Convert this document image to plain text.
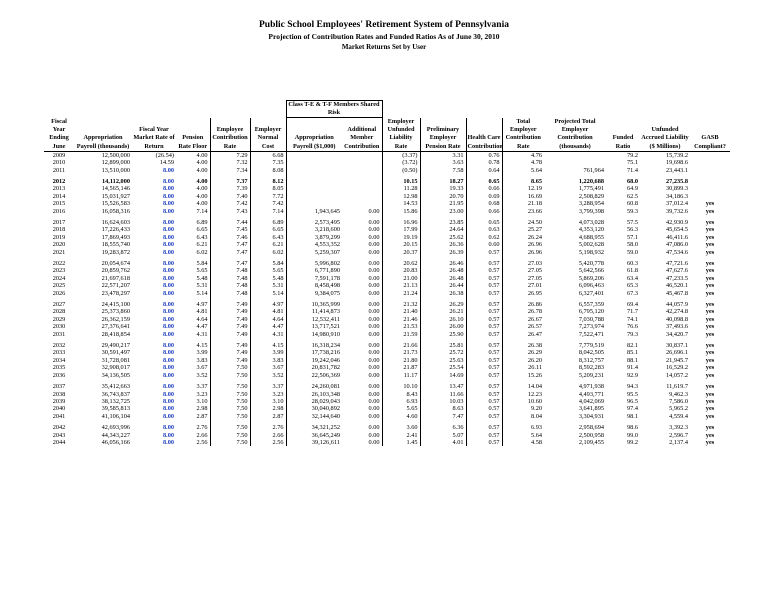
Public School Employees' Retirement System of Pennsylvania
Projection of Contribution Rates and Funded Ratios As of June 30, 2010
Market Returns Set by User
						Class T-E & T-F Members Shared Risk									
Fiscal Year Ending June	Appropriation Payroll (thousands)	Fiscal Year Market Rate of Return	Pension Rate Floor	Employee Contribution Rate	Employer Normal Cost	Appropriation Payroll ($1,000)	Additional Member Contribution	Employer Unfunded Liability Rate	Preliminary Employer Pension Rate	Health Care Contribution	Total Employer Contribution Rate	Projected Total Employer Contribution (thousands)	Funded Ratio	Unfunded Accrued Liability ($ Millions)	GASB Compliant?
2009	12,500,000	(26.54)	4.00	7.29	6.68			(3.37)	3.31	0.76	4.76		79.2	15,739.2	
2010	12,899,000	14.59	4.00	7.32	7.35			(3.72)	3.63	0.78	4.78		75.1	19,698.6	
2011	13,510,000	8.00	4.00	7.34	8.08			(0.50)	7.58	0.64	5.64	761,964	71.4	23,443.1	

2012	14,112,000	8.00	4.00	7.37	8.12			10.15	18.27	0.65	8.65	1,220,688	68.0	27,235.8	
2013	14,565,146	8.00	4.00	7.39	8.05			11.28	19.33	0.66	12.19	1,775,491	64.9	30,899.3	
2014	15,031,927	8.00	4.00	7.40	7.72			12.98	20.70	0.69	16.69	2,508,829	62.5	34,186.3	
2015	15,526,583	8.00	4.00	7.42	7.42			14.53	21.95	0.68	21.18	3,288,954	60.8	37,012.4	yes
2016	16,058,316	8.00	7.14	7.43	7.14	1,943,645	0.00	15.86	23.00	0.66	23.66	3,799,398	59.3	39,732.6	yes

2017	16,624,603	8.00	6.89	7.44	6.89	2,573,495	0.00	16.96	23.85	0.65	24.50	4,073,028	57.5	42,930.9	yes
2018	17,226,433	8.00	6.65	7.45	6.65	3,218,600	0.00	17.99	24.64	0.63	25.27	4,353,120	56.3	45,654.5	yes
2019	17,869,493	8.00	6.43	7.46	6.43	3,879,299	0.00	19.19	25.62	0.62	26.24	4,688,955	57.1	46,411.6	yes
2020	18,555,740	8.00	6.21	7.47	6.21	4,553,352	0.00	20.15	26.36	0.60	26.96	5,002,628	58.0	47,086.0	yes
2021	19,283,872	8.00	6.02	7.47	6.02	5,259,307	0.00	20.37	26.39	0.57	26.96	5,198,932	59.0	47,534.6	yes

2022	20,054,674	8.00	5.84	7.47	5.84	5,996,802	0.00	20.62	26.46	0.57	27.03	5,420,778	60.3	47,721.6	yes
2023	20,859,762	8.00	5.65	7.48	5.65	6,771,890	0.00	20.83	26.48	0.57	27.05	5,642,566	61.8	47,627.6	yes
2024	21,697,618	8.00	5.48	7.48	5.48	7,591,178	0.00	21.00	26.48	0.57	27.05	5,869,206	63.4	47,233.5	yes
2025	22,571,207	8.00	5.31	7.48	5.31	8,458,498	0.00	21.13	26.44	0.57	27.01	6,096,463	65.3	46,520.1	yes
2026	23,478,297	8.00	5.14	7.48	5.14	9,384,075	0.00	21.24	26.38	0.57	26.95	6,327,401	67.3	45,467.8	yes

2027	24,415,100	8.00	4.97	7.49	4.97	10,365,999	0.00	21.32	26.29	0.57	26.86	6,557,359	69.4	44,057.9	yes
2028	25,373,860	8.00	4.81	7.49	4.81	11,414,873	0.00	21.40	26.21	0.57	26.78	6,795,120	71.7	42,274.8	yes
2029	26,362,159	8.00	4.64	7.49	4.64	12,532,411	0.00	21.46	26.10	0.57	26.67	7,030,788	74.1	40,098.8	yes
2030	27,376,641	8.00	4.47	7.49	4.47	13,717,521	0.00	21.53	26.00	0.57	26.57	7,273,974	76.6	37,493.6	yes
2031	28,418,854	8.00	4.31	7.49	4.31	14,980,910	0.00	21.59	25.90	0.57	26.47	7,522,471	79.3	34,420.7	yes

2032	29,490,217	8.00	4.15	7.49	4.15	16,318,234	0.00	21.66	25.81	0.57	26.38	7,779,519	82.1	30,837.1	yes
2033	30,591,497	8.00	3.99	7.49	3.99	17,738,216	0.00	21.73	25.72	0.57	26.29	8,042,505	85.1	26,696.1	yes
2034	31,728,081	8.00	3.83	7.49	3.83	19,242,046	0.00	21.80	25.63	0.57	26.20	8,312,757	88.1	21,945.7	yes
2035	32,908,017	8.00	3.67	7.50	3.67	20,831,782	0.00	21.87	25.54	0.57	26.11	8,592,283	91.4	16,529.2	yes
2036	34,136,505	8.00	3.52	7.50	3.52	22,506,369	0.00	11.17	14.69	0.57	15.26	5,209,231	92.9	14,057.2	yes

2037	35,412,663	8.00	3.37	7.50	3.37	24,260,081	0.00	10.10	13.47	0.57	14.04	4,971,938	94.3	11,619.7	yes
2038	36,743,837	8.00	3.23	7.50	3.23	26,103,348	0.00	8.43	11.66	0.57	12.23	4,493,771	95.5	9,462.3	yes
2039	38,132,725	8.00	3.10	7.50	3.10	28,029,043	0.00	6.93	10.03	0.57	10.60	4,042,069	96.5	7,586.0	yes
2040	39,585,813	8.00	2.98	7.50	2.98	30,040,892	0.00	5.65	8.63	0.57	9.20	3,641,895	97.4	5,965.2	yes
2041	41,106,104	8.00	2.87	7.50	2.87	32,144,640	0.00	4.60	7.47	0.57	8.04	3,304,931	98.1	4,559.4	yes

2042	42,693,996	8.00	2.76	7.50	2.76	34,321,252	0.00	3.60	6.36	0.57	6.93	2,958,694	98.6	3,392.3	yes
2043	44,343,227	8.00	2.66	7.50	2.66	36,645,249	0.00	2.41	5.07	0.57	5.64	2,500,958	99.0	2,596.7	yes
2044	46,056,166	8.00	2.56	7.50	2.56	39,126,611	0.00	1.45	4.01	0.57	4.58	2,109,455	99.2	2,137.4	yes
